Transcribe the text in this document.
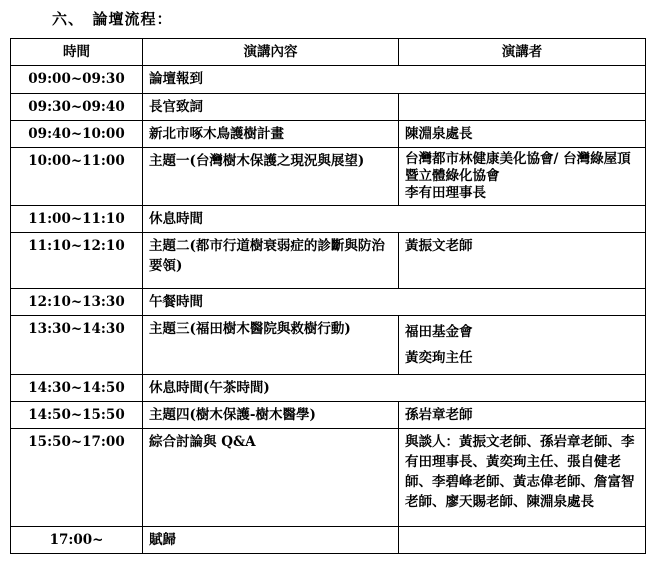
六、　論壇流程：
時間	演講內容	演講者
09:00~09:30	論壇報到	
09:30~09:40	長官致詞	
09:40~10:00	新北市啄木鳥護樹計畫	陳淵泉處長
10:00~11:00	主題一(台灣樹木保護之現況與展望)	台灣都市林健康美化協會/ 台灣綠屋頂暨立體綠化協會
李有田理事長

11:00~11:10	休息時間	
11:10~12:10	主題二(都市行道樹衰弱症的診斷與防治要領)	黃振文老師
12:10~13:30	午餐時間	
13:30~14:30	主題三(福田樹木醫院與救樹行動)	福田基金會
黃奕珣主任

14:30~14:50	休息時間(午茶時間)	
14:50~15:50	主題四(樹木保護-樹木醫學)	孫岩章老師
15:50~17:00	綜合討論與 Q&A	與談人：黃振文老師、孫岩章老師、李有田理事長、黃奕珣主任、張自健老師、李碧峰老師、黃志偉老師、詹富智老師、廖天賜老師、陳淵泉處長
17:00~	賦歸	
